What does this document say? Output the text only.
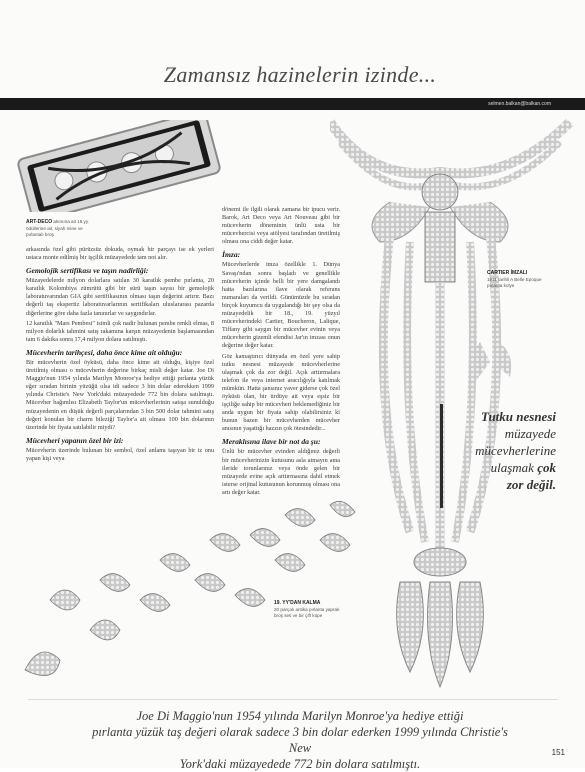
Zamansız hazinelerin izinde...
selmen.balkan@balkan.com
ART-DECO akımına ait 18.yy. ödüllerine ait, siyah mine ve pırlantalı broş
CARTIER İMZALI
1911 tarihli A Belle Epoque pırlanta kolye
19. YY'DAN KALMA
20 parçalı antika pırlanta yaprak broş seti ve bir çift küpe

arkasında özel gibi pürüzsüz dokuda, oymak bir parçayı ise ek yerleri ustaca monte edilmiş bir işçilik müzayedede tam not alır.

Gemolojik sertifikası ve taşın nadirliği:

Müzayedelerde milyon dolarlara satılan 30 karatlık pembe pırlanta, 20 karatlık Kolombiya zümrütü gibi bir sürü taşın sayısı bir gemolojik laboratuvarından GIA gibi sertifikasının olması taşın değerini artırır. Bazı değerli taş ekspertiz laboratuvarlarının sertifikaları uluslararası pazarda diğerlerine göre daha fazla tanınırlar ve saygındırlar.

12 karatlık "Mars Pembesi" isimli çok nadir bulunan pembe renkli elmas, 8 milyon dolarlık tahmini satış rakamına karşın müzayedenin başlamasından tam 6 dakika sonra 17,4 milyon dolara satılmıştı.

Mücevherin tarihçesi, daha önce kime ait olduğu:

Bir mücevherin özel öyküsü, daha önce kime ait olduğu, kişiye özel üretilmiş olması o mücevherin değerine birkaç misli değer katar. Joe Di Maggio'nun 1954 yılında Marilyn Monroe'ya hediye ettiği pırlanta yüzük eğer sıradan birinin yüzüğü olsa idi sadece 3 bin dolar ederekken 1999 yılında Christie's New York'daki müzayedede 772 bin dolara satılmıştı. Mücevher bağımlısı Elizabeth Taylor'un mücevherlerinin satışa sunulduğu müzayedenin en düşük değerli parçalarından 3 bin 500 dolar tahmini satış değeri konulan bir charm bileziği Taylor'a ait olması 100 bin dolarının üzerinde bir fiyata satılabilir miydi?

Mücevheri yapanın özel bir izi:

Mücevherin üzerinde bulunan bir sembol, özel anlamı taşıyan bir iz onu yapan kişi veya

dönemi ile ilgili olarak zamana bir ipucu verir. Barok, Art Deco veya Art Nouveau gibi bir mücevherin döneminin ünlü usta bir mücevhercisi veya atölyesi tarafından üretilmiş olması ona ciddi değer katar.

İmza:

Mücevherlerde imza özellikle 1. Dünya Savaşı'ndan sonra başladı ve genellikle mücevherin içinde belli bir yere damgalandı hatta bazılarına ilave olarak referans numaraları da verildi. Günümüzde bu sıradan birçok kuyumcu da uygulandığı bir şey olsa da müzayedelik bir 18., 19. yüzyıl mücevherindeki Cartier, Boucheron, Lalique, Tiffany gibi saygın bir mücevher evinin veya mücevherin gizemli efendisi Jar'ın imzası onun değerine değer katar.

Göz kamaştırıcı dünyada en özel yere sahip tutku nesnesi müzayede mücevherlerine ulaşmak çok da zor değil. Açık arttırmalara telefon ile veya internet aracılığıyla katılmak mümkün. Hatta şansınız yaver giderse çok özel öyküsü olan, bir ürdüye ait veya eşsiz bir işçiliğe sahip bir mücevheri beklemediğiniz bir anda uygun bir fiyata sahip olabilirsiniz ki bunun bazen bir mücevherden mücevher anısının yaşattığı hazzın çok ötesindedir...

Meraklısına ilave bir not da şu:

Ünlü bir mücevher evinden aldığınız değerli bir mücevherinizin kutusunu asla atmayın ama ileride torunlarınız veya önde gelen bir müzayede evine açık arttırmasına dahil etmek isterse orijinal kutusunun korunmuş olması ona artı değer katar.

Tutku nesnesi
müzayede
mücevherlerine
ulaşmak çok
zor değil.
Joe Di Maggio'nun 1954 yılında Marilyn Monroe'ya hediye ettiği
pırlanta yüzük taş değeri olarak sadece 3 bin dolar ederken 1999 yılında Christie's New
York'daki müzayedede 772 bin dolara satılmıştı.
151
